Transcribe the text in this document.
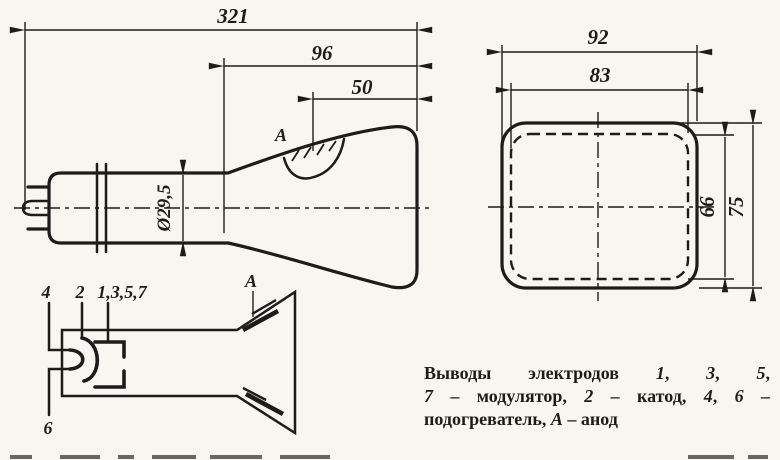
A
321
96
50
Ø29,5
92
83
66 75
4 2 1,3,5,7
6
A
Выводы электродов 1, 3, 5,
7 – модулятор, 2 – катод, 4, 6 –
подогреватель, А – анод
